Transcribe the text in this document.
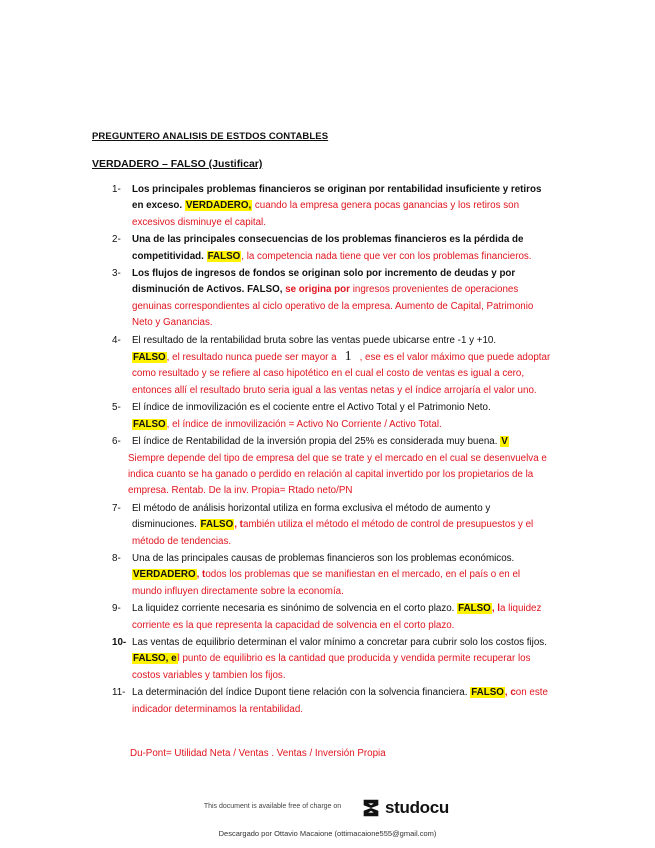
PREGUNTERO ANALISIS DE ESTDOS CONTABLES
VERDADERO – FALSO (Justificar)
1- Los principales problemas financieros se originan por rentabilidad insuficiente y retiros en exceso. VERDADERO, cuando la empresa genera pocas ganancias y los retiros son excesivos disminuye el capital.
2- Una de las principales consecuencias de los problemas financieros es la pérdida de competitividad. FALSO, la competencia nada tiene que ver con los problemas financieros.
3- Los flujos de ingresos de fondos se originan solo por incremento de deudas y por disminución de Activos. FALSO, se origina por ingresos provenientes de operaciones genuinas correspondientes al ciclo operativo de la empresa. Aumento de Capital, Patrimonio Neto y Ganancias.
4- El resultado de la rentabilidad bruta sobre las ventas puede ubicarse entre -1 y +10.
FALSO, el resultado nunca puede ser mayor a 1 , ese es el valor máximo que puede adoptar como resultado y se refiere al caso hipotético en el cual el costo de ventas es igual a cero, entonces allí el resultado bruto seria igual a las ventas netas y el índice arrojaría el valor uno.
5- El índice de inmovilización es el cociente entre el Activo Total y el Patrimonio Neto.
FALSO, el índice de inmovilización = Activo No Corriente / Activo Total.
6- El índice de Rentabilidad de la inversión propia del 25% es considerada muy buena. V
Siempre depende del tipo de empresa del que se trate y el mercado en el cual se desenvuelva e indica cuanto se ha ganado o perdido en relación al capital invertido por los propietarios de la empresa. Rentab. De la inv. Propia= Rtado neto/PN
7- El método de análisis horizontal utiliza en forma exclusiva el método de aumento y disminuciones. FALSO, también utiliza el método el método de control de presupuestos y el método de tendencias.
8- Una de las principales causas de problemas financieros son los problemas económicos.
VERDADERO, todos los problemas que se manifiestan en el mercado, en el país o en el mundo influyen directamente sobre la economía.
9- La liquidez corriente necesaria es sinónimo de solvencia en el corto plazo. FALSO, la liquidez corriente es la que representa la capacidad de solvencia en el corto plazo.
10- Las ventas de equilibrio determinan el valor mínimo a concretar para cubrir solo los costos fijos. FALSO, el punto de equilibrio es la cantidad que producida y vendida permite recuperar los costos variables y tambien los fijos.
11- La determinación del índice Dupont tiene relación con la solvencia financiera. FALSO, con este indicador determinamos la rentabilidad.
Du-Pont= Utilidad Neta / Ventas . Ventas / Inversión Propia
This document is available free of charge on	studocu
Descargado por Ottavio Macaione (ottimacaione555@gmail.com)
